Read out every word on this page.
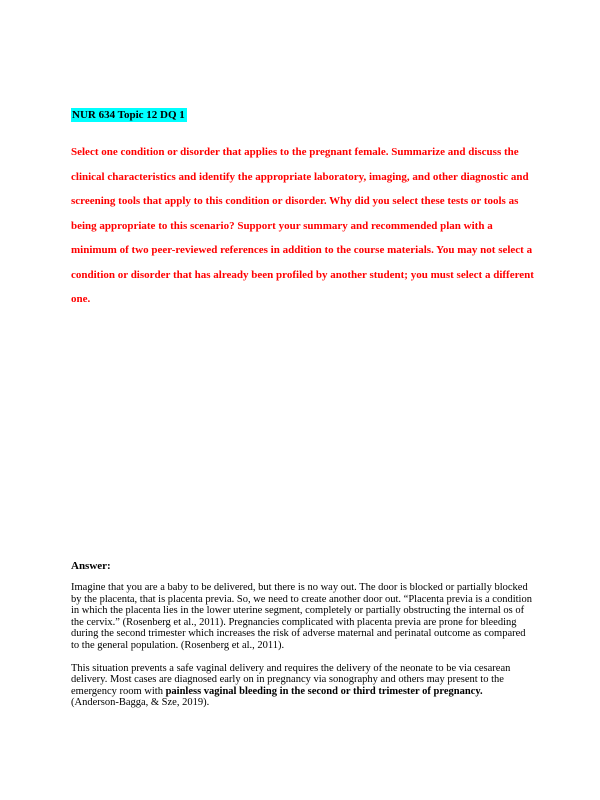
NUR 634 Topic 12 DQ 1

Select one condition or disorder that applies to the pregnant female. Summarize and discuss the clinical characteristics and identify the appropriate laboratory, imaging, and other diagnostic and screening tools that apply to this condition or disorder. Why did you select these tests or tools as being appropriate to this scenario? Support your summary and recommended plan with a minimum of two peer-reviewed references in addition to the course materials. You may not select a condition or disorder that has already been profiled by another student; you must select a different one.

Answer:

Imagine that you are a baby to be delivered, but there is no way out. The door is blocked or partially blocked by the placenta, that is placenta previa. So, we need to create another door out. “Placenta previa is a condition in which the placenta lies in the lower uterine segment, completely or partially obstructing the internal os of the cervix.” (Rosenberg et al., 2011). Pregnancies complicated with placenta previa are prone for bleeding during the second trimester which increases the risk of adverse maternal and perinatal outcome as compared to the general population. (Rosenberg et al., 2011).

This situation prevents a safe vaginal delivery and requires the delivery of the neonate to be via cesarean delivery. Most cases are diagnosed early on in pregnancy via sonography and others may present to the emergency room with painless vaginal bleeding in the second or third trimester of pregnancy. (Anderson-Bagga, & Sze, 2019).
